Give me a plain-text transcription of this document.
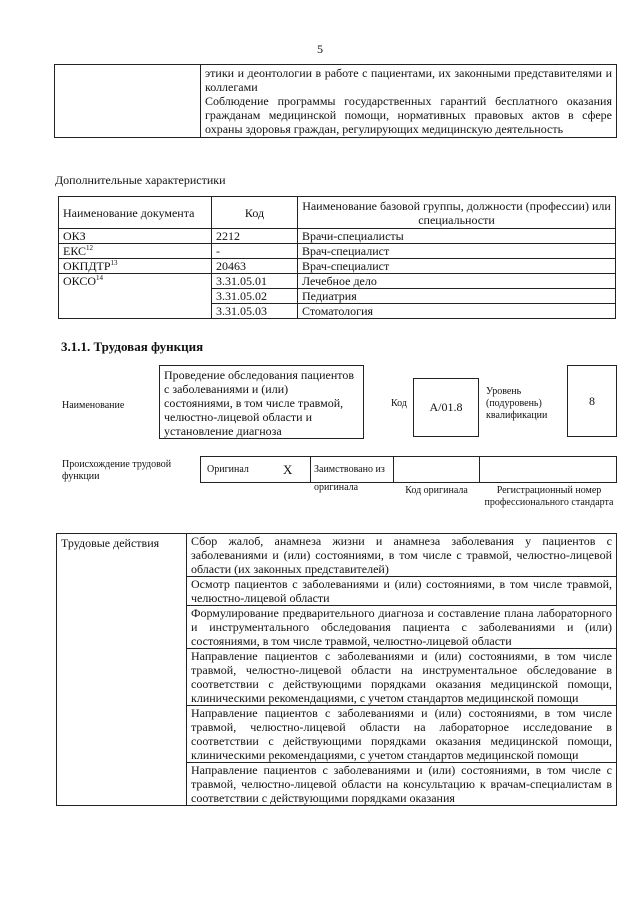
5

этики и деонтологии в работе с пациентами, их законными представителями и коллегами
Соблюдение программы государственных гарантий бесплатного оказания гражданам медицинской помощи, нормативных правовых актов в сфере охраны здоровья граждан, регулирующих медицинскую деятельность
Дополнительные характеристики
Наименование документа	Код	Наименование базовой группы, должности (профессии) или специальности
ОКЗ	2212	Врачи-специалисты
ЕКС$^{12}$	-	Врач-специалист
ОКПДТР$^{13}$	20463	Врач-специалист
ОКСО$^{14}$	3.31.05.01	Лечебное дело
	3.31.05.02	Педиатрия
	3.31.05.03	Стоматология
3.1.1. Трудовая функция
Наименование
Проведение обследования пациентов с заболеваниями и (или) состояниями, в том числе травмой, челюстно-лицевой области и установление диагноза
Код	A/01.8
Уровень (подуровень) квалификации
8
Происхождение трудовой функции
Оригинал	X	Заимствовано из оригинала	Код оригинала	Регистрационный номер профессионального стандарта
Трудовые действия	Сбор жалоб, анамнеза жизни и анамнеза заболевания у пациентов с заболеваниями и (или) состояниями, в том числе с травмой, челюстно-лицевой области (их законных представителей)
Осмотр пациентов с заболеваниями и (или) состояниями, в том числе травмой, челюстно-лицевой области
Формулирование предварительного диагноза и составление плана лабораторного и инструментального обследования пациента с заболеваниями и (или) состояниями, в том числе травмой, челюстно-лицевой области
Направление пациентов с заболеваниями и (или) состояниями, в том числе травмой, челюстно-лицевой области на инструментальное обследование в соответствии с действующими порядками оказания медицинской помощи, клиническими рекомендациями, с учетом стандартов медицинской помощи
Направление пациентов с заболеваниями и (или) состояниями, в том числе травмой, челюстно-лицевой области на лабораторное исследование в соответствии с действующими порядками оказания медицинской помощи, клиническими рекомендациями, с учетом стандартов медицинской помощи
Направление пациентов с заболеваниями и (или) состояниями, в том числе с травмой, челюстно-лицевой области на консультацию к врачам-специалистам в соответствии с действующими порядками оказания
